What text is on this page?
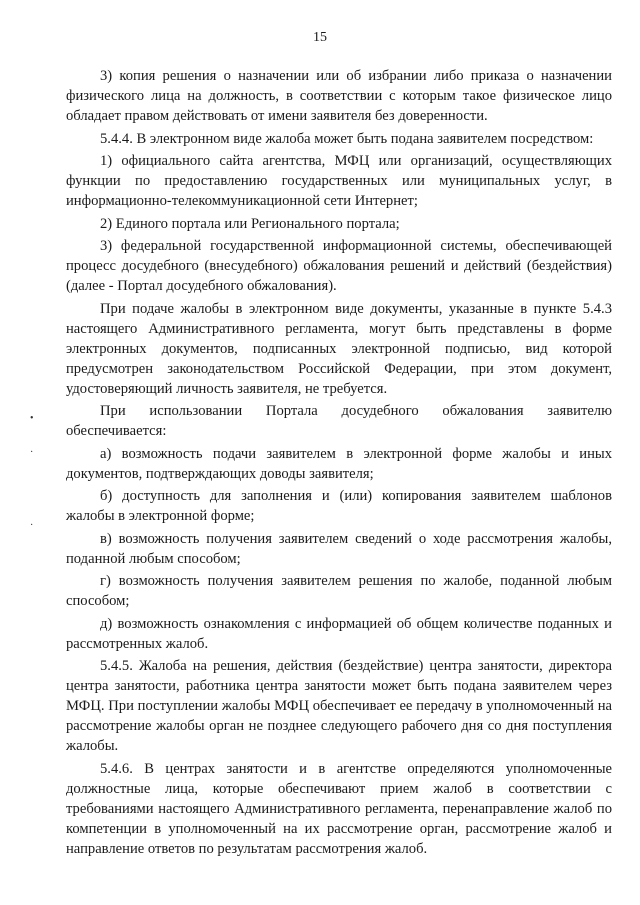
15
•
·
·

3) копия решения о назначении или об избрании либо приказа о назначении физического лица на должность, в соответствии с которым такое физическое лицо обладает правом действовать от имени заявителя без доверенности.

5.4.4. В электронном виде жалоба может быть подана заявителем посредством:

1) официального сайта агентства, МФЦ или организаций, осуществляющих функции по предоставлению государственных или муниципальных услуг, в информационно-телекоммуникационной сети Интернет;

2) Единого портала или Регионального портала;

3) федеральной государственной информационной системы, обеспечивающей процесс досудебного (внесудебного) обжалования решений и действий (бездействия) (далее - Портал досудебного обжалования).

При подаче жалобы в электронном виде документы, указанные в пункте 5.4.3 настоящего Административного регламента, могут быть представлены в форме электронных документов, подписанных электронной подписью, вид которой предусмотрен законодательством Российской Федерации, при этом документ, удостоверяющий личность заявителя, не требуется.

При использовании Портала досудебного обжалования заявителю обеспечивается:

а) возможность подачи заявителем в электронной форме жалобы и иных документов, подтверждающих доводы заявителя;

б) доступность для заполнения и (или) копирования заявителем шаблонов жалобы в электронной форме;

в) возможность получения заявителем сведений о ходе рассмотрения жалобы, поданной любым способом;

г) возможность получения заявителем решения по жалобе, поданной любым способом;

д) возможность ознакомления с информацией об общем количестве поданных и рассмотренных жалоб.

5.4.5. Жалоба на решения, действия (бездействие) центра занятости, директора центра занятости, работника центра занятости может быть подана заявителем через МФЦ. При поступлении жалобы МФЦ обеспечивает ее передачу в уполномоченный на рассмотрение жалобы орган не позднее следующего рабочего дня со дня поступления жалобы.

5.4.6. В центрах занятости и в агентстве определяются уполномоченные должностные лица, которые обеспечивают прием жалоб в соответствии с требованиями настоящего Административного регламента, перенаправление жалоб по компетенции в уполномоченный на их рассмотрение орган, рассмотрение жалоб и направление ответов по результатам рассмотрения жалоб.
